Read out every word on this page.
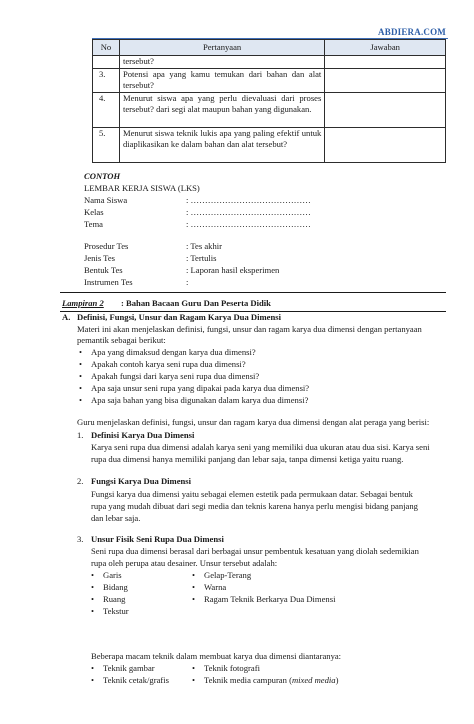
ABDIERA.COM
No	Pertanyaan	Jawaban
	tersebut?	
3.	Potensi apa yang kamu temukan dari bahan dan alat tersebut?	
4.	Menurut siswa apa yang perlu dievaluasi dari proses tersebut? dari segi alat maupun bahan yang digunakan.	
5.	Menurut siswa teknik lukis apa yang paling efektif untuk diaplikasikan ke dalam bahan dan alat tersebut?	
CONTOH
LEMBAR KERJA SISWA (LKS)
Nama Siswa	: ……………………………………
Kelas	: ……………………………………
Tema	: ……………………………………
Prosedur Tes	: Tes akhir
Jenis Tes	: Tertulis
Bentuk Tes	: Laporan hasil eksperimen
Instrumen Tes	:
Lampiran 2 : Bahan Bacaan Guru Dan Peserta Didik
A. Definisi, Fungsi, Unsur dan Ragam Karya Dua Dimensi
Materi ini akan menjelaskan definisi, fungsi, unsur dan ragam karya dua dimensi dengan pertanyaan
pemantik sebagai berikut:
• Apa yang dimaksud dengan karya dua dimensi?
• Apakah contoh karya seni rupa dua dimensi?
• Apakah fungsi dari karya seni rupa dua dimensi?
• Apa saja unsur seni rupa yang dipakai pada karya dua dimensi?
• Apa saja bahan yang bisa digunakan dalam karya dua dimensi?
Guru menjelaskan definisi, fungsi, unsur dan ragam karya dua dimensi dengan alat peraga yang berisi:
1. Definisi Karya Dua Dimensi
Karya seni rupa dua dimensi adalah karya seni yang memiliki dua ukuran atau dua sisi. Karya seni
rupa dua dimensi hanya memiliki panjang dan lebar saja, tanpa dimensi ketiga yaitu ruang.
2. Fungsi Karya Dua Dimensi
Fungsi karya dua dimensi yaitu sebagai elemen estetik pada permukaan datar. Sebagai bentuk
rupa yang mudah dibuat dari segi media dan teknis karena hanya perlu mengisi bidang panjang
dan lebar saja.
3. Unsur Fisik Seni Rupa Dua Dimensi
Seni rupa dua dimensi berasal dari berbagai unsur pembentuk kesatuan yang diolah sedemikian
rupa oleh perupa atau desainer. Unsur tersebut adalah:
• Garis
• Bidang
• Ruang
• Tekstur
• Gelap-Terang
• Warna
• Ragam Teknik Berkarya Dua Dimensi
Beberapa macam teknik dalam membuat karya dua dimensi diantaranya:
• Teknik gambar
• Teknik cetak/grafis
• Teknik fotografi
• Teknik media campuran (mixed media)
